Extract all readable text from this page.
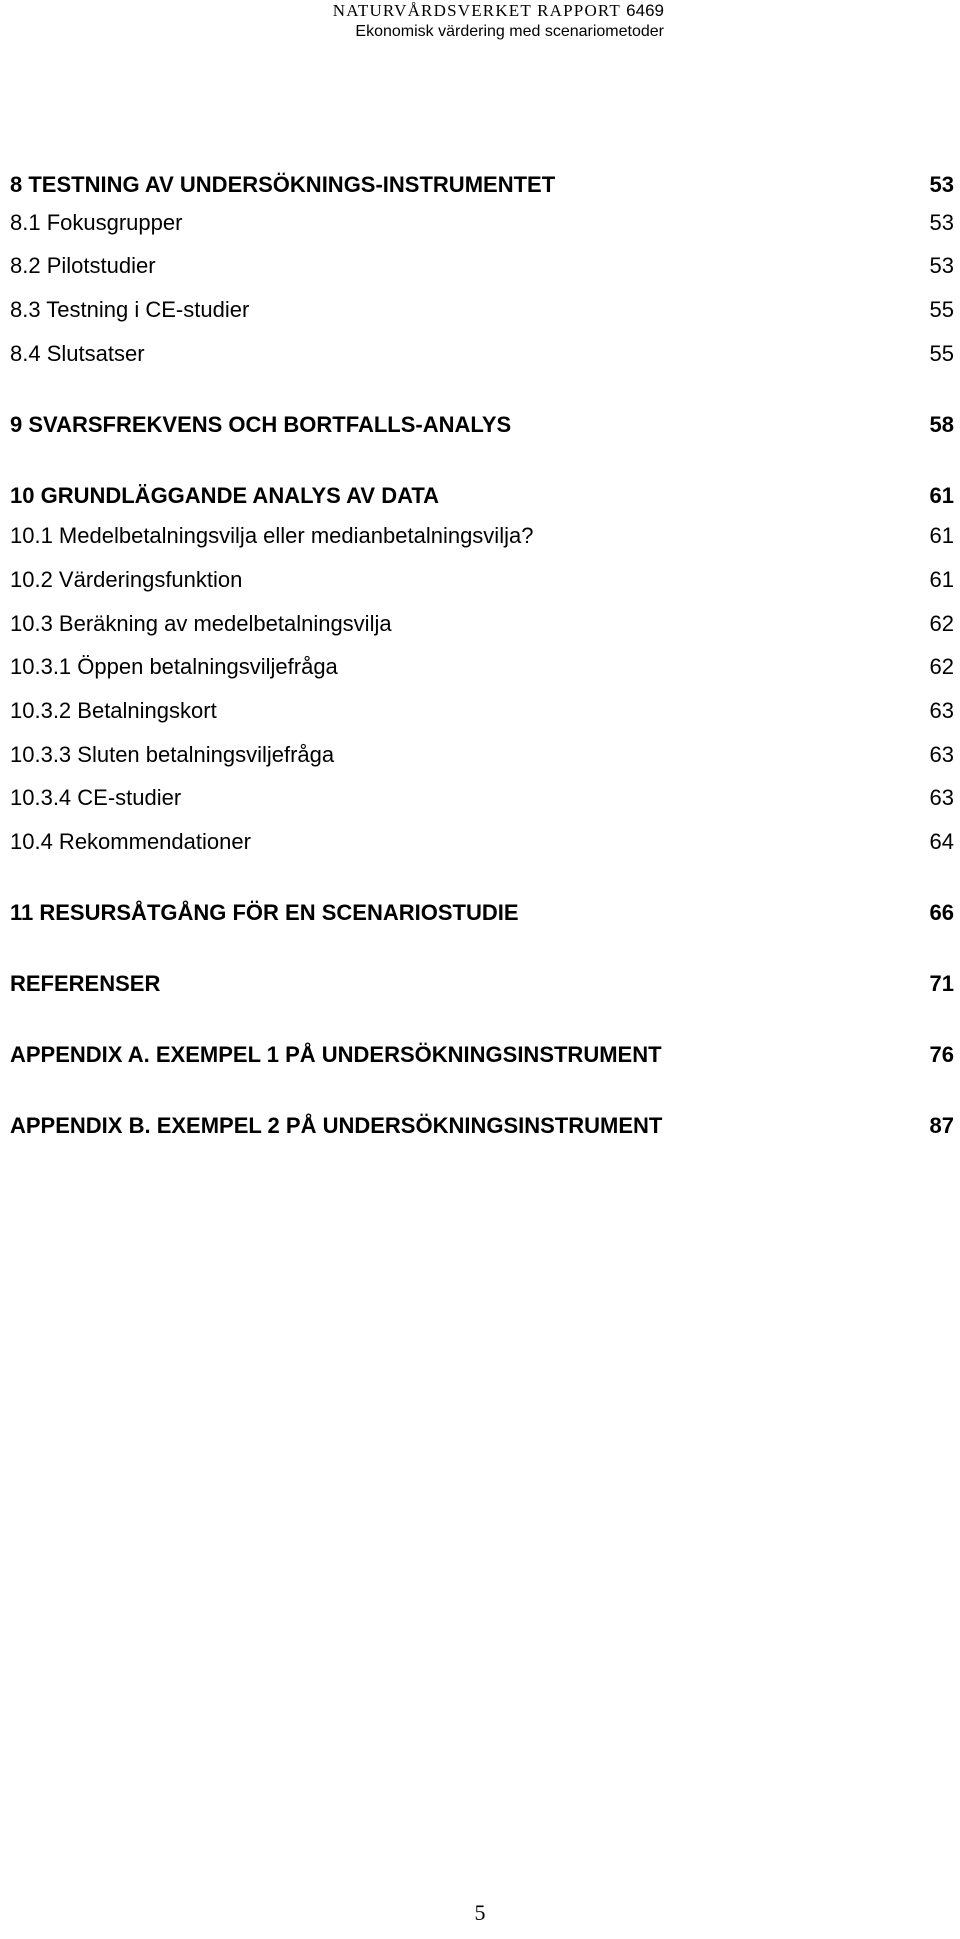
NATURVÅRDSVERKET RAPPORT 6469
Ekonomisk värdering med scenariometoder
8 TESTNING AV UNDERSÖKNINGS-INSTRUMENTET	53
8.1 Fokusgrupper	53
8.2 Pilotstudier	53
8.3 Testning i CE-studier	55
8.4 Slutsatser	55
9 SVARSFREKVENS OCH BORTFALLS-ANALYS	58
10 GRUNDLÄGGANDE ANALYS AV DATA	61
10.1 Medelbetalningsvilja eller medianbetalningsvilja?	61
10.2 Värderingsfunktion	61
10.3 Beräkning av medelbetalningsvilja	62
10.3.1 Öppen betalningsviljefråga	62
10.3.2 Betalningskort	63
10.3.3 Sluten betalningsviljefråga	63
10.3.4 CE-studier	63
10.4 Rekommendationer	64
11 RESURSÅTGÅNG FÖR EN SCENARIOSTUDIE	66
REFERENSER	71
APPENDIX A. EXEMPEL 1 PÅ UNDERSÖKNINGSINSTRUMENT	76
APPENDIX B. EXEMPEL 2 PÅ UNDERSÖKNINGSINSTRUMENT	87
5
